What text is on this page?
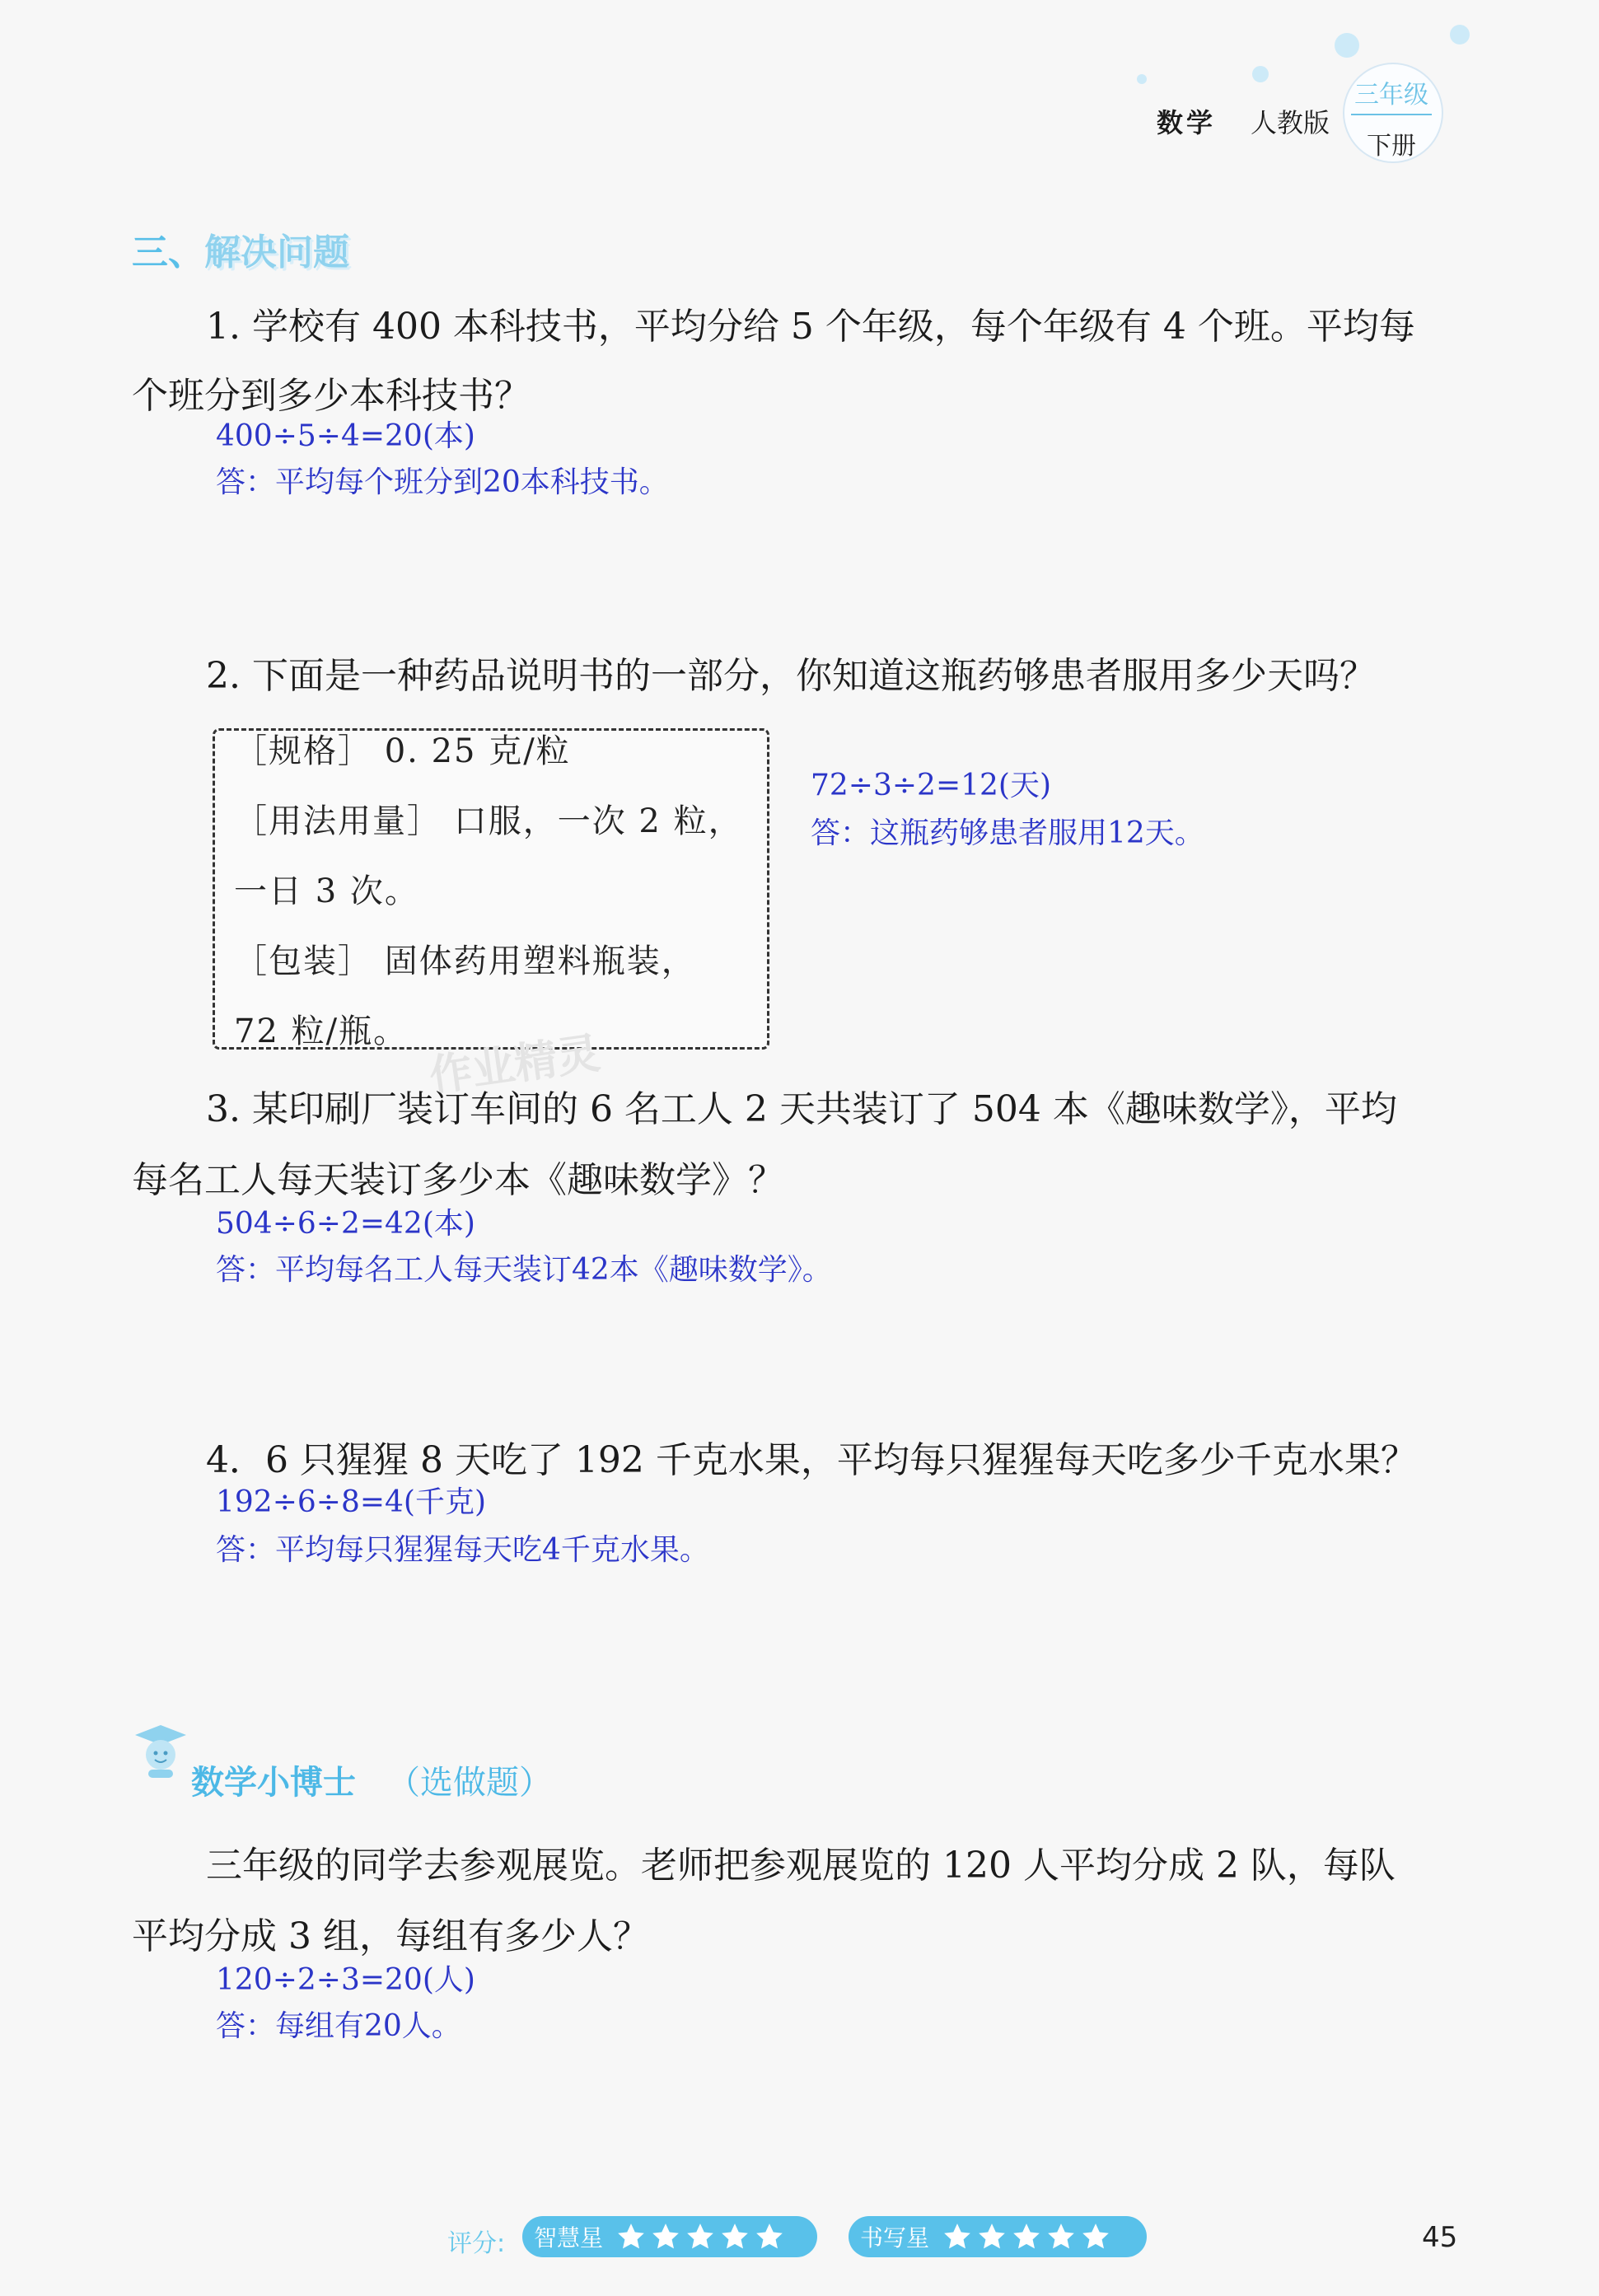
数学 人教版
三年级
下册
三、解决问题
1. 学校有 400 本科技书，平均分给 5 个年级，每个年级有 4 个班。平均每
个班分到多少本科技书？
400÷5÷4=20(本)
答：平均每个班分到20本科技书。
2. 下面是一种药品说明书的一部分，你知道这瓶药够患者服用多少天吗？
［规格］ 0. 25 克/粒
［用法用量］ 口服，一次 2 粒，
一日 3 次。
［包装］ 固体药用塑料瓶装，
72 粒/瓶。
72÷3÷2=12(天)
答：这瓶药够患者服用12天。
作业精灵
3. 某印刷厂装订车间的 6 名工人 2 天共装订了 504 本《趣味数学》，平均
每名工人每天装订多少本《趣味数学》？
504÷6÷2=42(本)
答：平均每名工人每天装订42本《趣味数学》。
4．6 只猩猩 8 天吃了 192 千克水果，平均每只猩猩每天吃多少千克水果？
192÷6÷8=4(千克)
答：平均每只猩猩每天吃4千克水果。
数学小博士 （选做题）
三年级的同学去参观展览。老师把参观展览的 120 人平均分成 2 队，每队
平均分成 3 组，每组有多少人？
120÷2÷3=20(人)
答：每组有20人。
评分: 智慧星	书写星	45
